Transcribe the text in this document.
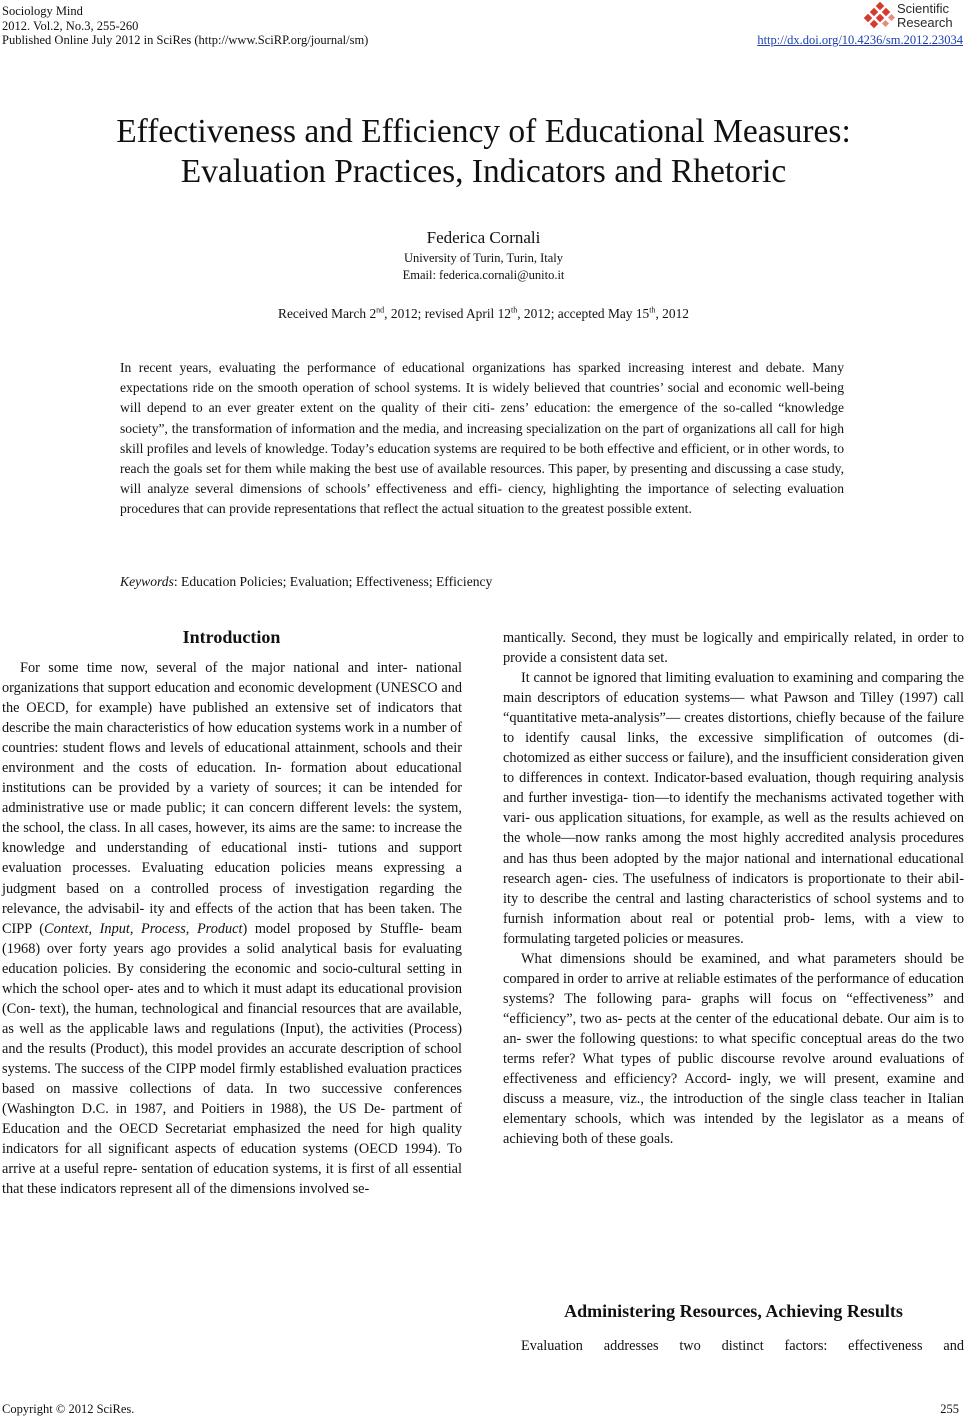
Sociology Mind
2012. Vol.2, No.3, 255-260
Published Online July 2012 in SciRes (http://www.SciRP.org/journal/sm)	http://dx.doi.org/10.4236/sm.2012.23034
Scientific
Research
Effectiveness and Efficiency of Educational Measures:
Evaluation Practices, Indicators and Rhetoric
Federica Cornali
University of Turin, Turin, Italy
Email: federica.cornali@unito.it
Received March 2nd, 2012; revised April 12th, 2012; accepted May 15th, 2012
In recent years, evaluating the performance of educational organizations has sparked increasing interest and debate. Many expectations ride on the smooth operation of school systems. It is widely believed that countries’ social and economic well-being will depend to an ever greater extent on the quality of their citi- zens’ education: the emergence of the so-called “knowledge society”, the transformation of information and the media, and increasing specialization on the part of organizations all call for high skill profiles and levels of knowledge. Today’s education systems are required to be both effective and efficient, or in other words, to reach the goals set for them while making the best use of available resources. This paper, by presenting and discussing a case study, will analyze several dimensions of schools’ effectiveness and effi- ciency, highlighting the importance of selecting evaluation procedures that can provide representations that reflect the actual situation to the greatest possible extent.
Keywords: Education Policies; Evaluation; Effectiveness; Efficiency
Introduction

For some time now, several of the major national and inter- national organizations that support education and economic development (UNESCO and the OECD, for example) have published an extensive set of indicators that describe the main characteristics of how education systems work in a number of countries: student flows and levels of educational attainment, schools and their environment and the costs of education. In- formation about educational institutions can be provided by a variety of sources; it can be intended for administrative use or made public; it can concern different levels: the system, the school, the class. In all cases, however, its aims are the same: to increase the knowledge and understanding of educational insti- tutions and support evaluation processes. Evaluating education policies means expressing a judgment based on a controlled process of investigation regarding the relevance, the advisabil- ity and effects of the action that has been taken. The CIPP (Context, Input, Process, Product) model proposed by Stuffle- beam (1968) over forty years ago provides a solid analytical basis for evaluating education policies. By considering the economic and socio-cultural setting in which the school oper- ates and to which it must adapt its educational provision (Con- text), the human, technological and financial resources that are available, as well as the applicable laws and regulations (Input), the activities (Process) and the results (Product), this model provides an accurate description of school systems. The success of the CIPP model firmly established evaluation practices based on massive collections of data. In two successive conferences (Washington D.C. in 1987, and Poitiers in 1988), the US De- partment of Education and the OECD Secretariat emphasized the need for high quality indicators for all significant aspects of education systems (OECD 1994). To arrive at a useful repre- sentation of education systems, it is first of all essential that these indicators represent all of the dimensions involved se-

mantically. Second, they must be logically and empirically related, in order to provide a consistent data set.

It cannot be ignored that limiting evaluation to examining and comparing the main descriptors of education systems— what Pawson and Tilley (1997) call “quantitative meta-analysis”— creates distortions, chiefly because of the failure to identify causal links, the excessive simplification of outcomes (di- chotomized as either success or failure), and the insufficient consideration given to differences in context. Indicator-based evaluation, though requiring analysis and further investiga- tion—to identify the mechanisms activated together with vari- ous application situations, for example, as well as the results achieved on the whole—now ranks among the most highly accredited analysis procedures and has thus been adopted by the major national and international educational research agen- cies. The usefulness of indicators is proportionate to their abil- ity to describe the central and lasting characteristics of school systems and to furnish information about real or potential prob- lems, with a view to formulating targeted policies or measures.

What dimensions should be examined, and what parameters should be compared in order to arrive at reliable estimates of the performance of education systems? The following para- graphs will focus on “effectiveness” and “efficiency”, two as- pects at the center of the educational debate. Our aim is to an- swer the following questions: to what specific conceptual areas do the two terms refer? What types of public discourse revolve around evaluations of effectiveness and efficiency? Accord- ingly, we will present, examine and discuss a measure, viz., the introduction of the single class teacher in Italian elementary schools, which was intended by the legislator as a means of achieving both of these goals.

Administering Resources, Achieving Results

Evaluation addresses two distinct factors: effectiveness and

Copyright © 2012 SciRes.	255
